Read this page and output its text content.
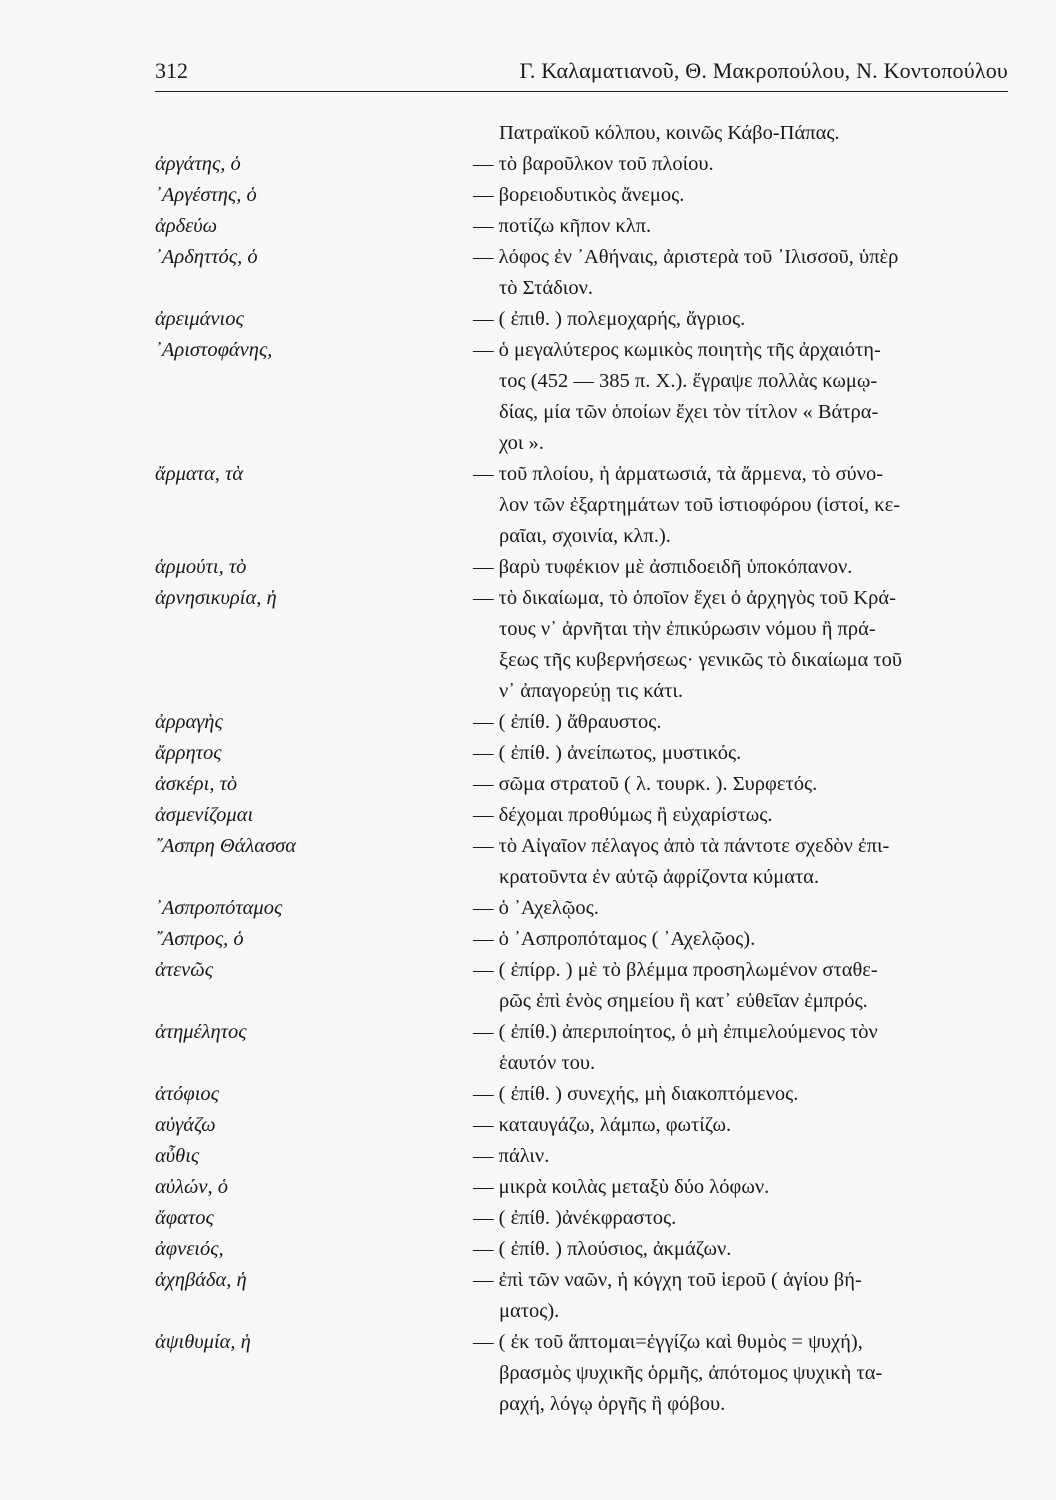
312	Γ. Καλαματιανοῦ, Θ. Μακροπούλου, Ν. Κοντοπούλου
Πατραϊκοῦ κόλπου, κοινῶς Κάβο-Πάπας.
ἀργάτης, ὁ	— τὸ βαροῦλκον τοῦ πλοίου.
᾿Αργέστης, ὁ	— βορειοδυτικὸς ἄνεμος.
ἀρδεύω	— ποτίζω κῆπον κλπ.
᾿Αρδηττός, ὁ	— λόφος ἐν ᾿Αθήναις, ἀριστερὰ τοῦ ᾿Ιλισσοῦ, ὑπὲρ
τὸ Στάδιον.
ἀρειμάνιος	— ( ἐπιθ. ) πολεμοχαρής, ἄγριος.
᾿Αριστοφάνης,	— ὁ μεγαλύτερος κωμικὸς ποιητὴς τῆς ἀρχαιότη-
τος (452 — 385 π. Χ.). ἔγραψε πολλὰς κωμῳ-
δίας, μία τῶν ὁποίων ἔχει τὸν τίτλον « Βάτρα-
χοι ».
ἄρματα, τὰ	— τοῦ πλοίου, ἡ ἁρματωσιά, τὰ ἄρμενα, τὸ σύνο-
λον τῶν ἐξαρτημάτων τοῦ ἱστιοφόρου (ἱστοί, κε-
ραῖαι, σχοινία, κλπ.).
ἁρμούτι, τὸ	— βαρὺ τυφέκιον μὲ ἀσπιδοειδῆ ὑποκόπανον.
ἀρνησικυρία, ἡ	— τὸ δικαίωμα, τὸ ὁποῖον ἔχει ὁ ἀρχηγὸς τοῦ Κρά-
τους ν᾿ ἀρνῆται τὴν ἐπικύρωσιν νόμου ἢ πρά-
ξεως τῆς κυβερνήσεως· γενικῶς τὸ δικαίωμα τοῦ
ν᾿ ἀπαγορεύῃ τις κάτι.
ἀρραγὴς	— ( ἐπίθ. ) ἄθραυστος.
ἄρρητος	— ( ἐπίθ. ) ἀνείπωτος, μυστικός.
ἀσκέρι, τὸ	— σῶμα στρατοῦ ( λ. τουρκ. ). Συρφετός.
ἀσμενίζομαι	— δέχομαι προθύμως ἢ εὐχαρίστως.
῎Ασπρη Θάλασσα	— τὸ Αἰγαῖον πέλαγος ἀπὸ τὰ πάντοτε σχεδὸν ἐπι-
κρατοῦντα ἐν αὐτῷ ἀφρίζοντα κύματα.
᾿Ασπροπόταμος	— ὁ ᾿Αχελῷος.
῎Ασπρος, ὁ	— ὁ ᾿Ασπροπόταμος ( ᾿Αχελῷος).
ἀτενῶς	— ( ἐπίρρ. ) μὲ τὸ βλέμμα προσηλωμένον σταθε-
ρῶς ἐπὶ ἑνὸς σημείου ἢ κατ᾿ εὐθεῖαν ἐμπρός.
ἀτημέλητος	— ( ἐπίθ.) ἀπεριποίητος, ὁ μὴ ἐπιμελούμενος τὸν
ἑαυτόν του.
ἀτόφιος	— ( ἐπίθ. ) συνεχής, μὴ διακοπτόμενος.
αὐγάζω	— καταυγάζω, λάμπω, φωτίζω.
αὖθις	— πάλιν.
αὐλών, ὁ	— μικρὰ κοιλὰς μεταξὺ δύο λόφων.
ἄφατος	— ( ἐπίθ. )ἀνέκφραστος.
ἀφνειός,	— ( ἐπίθ. ) πλούσιος, ἀκμάζων.
ἀχηβάδα, ἡ	— ἐπὶ τῶν ναῶν, ἡ κόγχη τοῦ ἱεροῦ ( ἁγίου βή-
ματος).
ἀψιθυμία, ἡ	— ( ἐκ τοῦ ἅπτομαι=ἐγγίζω καὶ θυμὸς = ψυχή),
βρασμὸς ψυχικῆς ὁρμῆς, ἀπότομος ψυχικὴ τα-
ραχή, λόγῳ ὀργῆς ἢ φόβου.
